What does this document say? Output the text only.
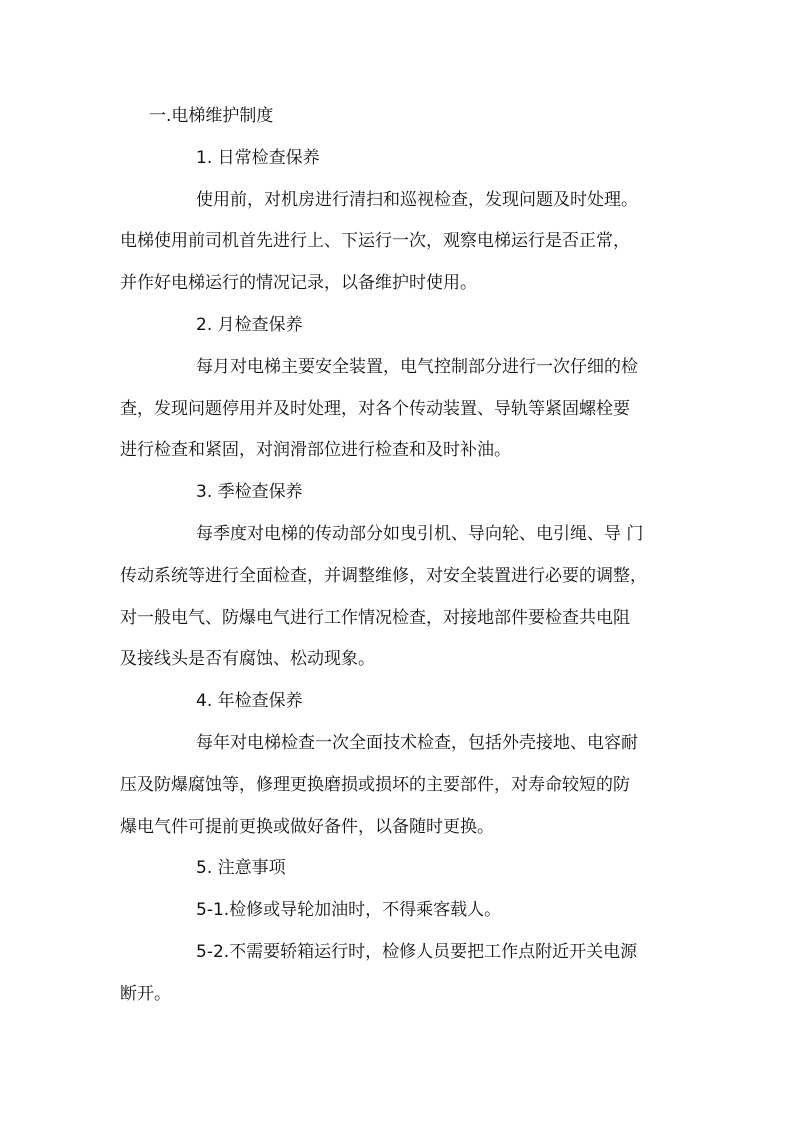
一.电梯维护制度
1. 日常检查保养
使用前，对机房进行清扫和巡视检查，发现问题及时处理。
电梯使用前司机首先进行上、下运行一次，观察电梯运行是否正常，
并作好电梯运行的情况记录，以备维护时使用。
2. 月检查保养
每月对电梯主要安全装置，电气控制部分进行一次仔细的检
查，发现问题停用并及时处理，对各个传动装置、导轨等紧固螺栓要
进行检查和紧固，对润滑部位进行检查和及时补油。
3. 季检查保养
每季度对电梯的传动部分如曳引机、导向轮、电引绳、导 门
传动系统等进行全面检查，并调整维修，对安全装置进行必要的调整，
对一般电气、防爆电气进行工作情况检查，对接地部件要检查共电阻
及接线头是否有腐蚀、松动现象。
4. 年检查保养
每年对电梯检查一次全面技术检查，包括外壳接地、电容耐
压及防爆腐蚀等，修理更换磨损或损坏的主要部件，对寿命较短的防
爆电气件可提前更换或做好备件，以备随时更换。
5. 注意事项
5-1.检修或导轮加油时，不得乘客载人。
5-2.不需要轿箱运行时，检修人员要把工作点附近开关电源
断开。
